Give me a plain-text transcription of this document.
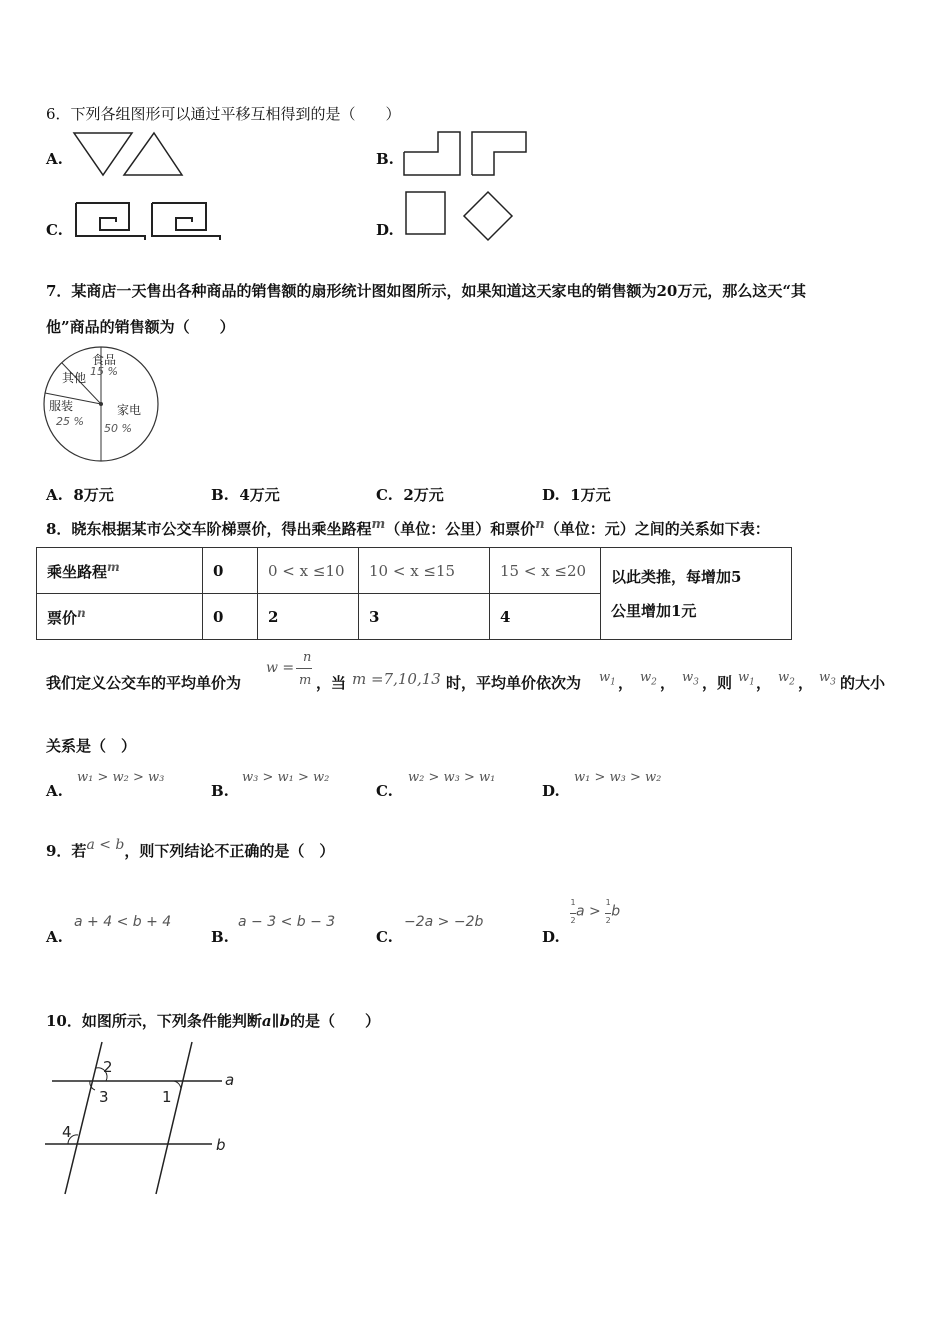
6．下列各组图形可以通过平移互相得到的是（　　）
A.	B.
C.	D.
7．某商店一天售出各种商品的销售额的扇形统计图如图所示，如果知道这天家电的销售额为20万元，那么这天“其
他”商品的销售额为（　　）
食品
15 %
其他
服装
25 %
家电
50 %
A. 8万元	B. 4万元	C. 2万元	D. 1万元
8．晓东根据某市公交车阶梯票价，得出乘坐路程$^m$（单位：公里）和票价$^n$（单位：元）之间的关系如下表：
乘坐路程$^m$	0	0 < x ≤10	10 < x ≤15	15 < x ≤20	以此类推，每增加5
公里增加1元

票价$^n$	0	2	3	4	
我们定义公交车的平均单价为
w =
n
m ，当 m =7,10,13 时，平均单价依次为 $w_1$ ， $w_2$ ， $w_3$ ，则 $w_1$ ， $w_2$ ， $w_3$ 的大小
关系是（　）
A.
w₁ > w₂ > w₃
B.
w₃ > w₁ > w₂
C.
w₂ > w₃ > w₁
D.
w₁ > w₃ > w₂
9．若a < b，则下列结论不正确的是（　）
A.
a + 4 < b + 4
B.
a − 3 < b − 3
C.
−2a > −2b
D.
1

2a > 1

2b
10．如图所示，下列条件能判断a∥b的是（　　）
2
3	1
4
a
b
